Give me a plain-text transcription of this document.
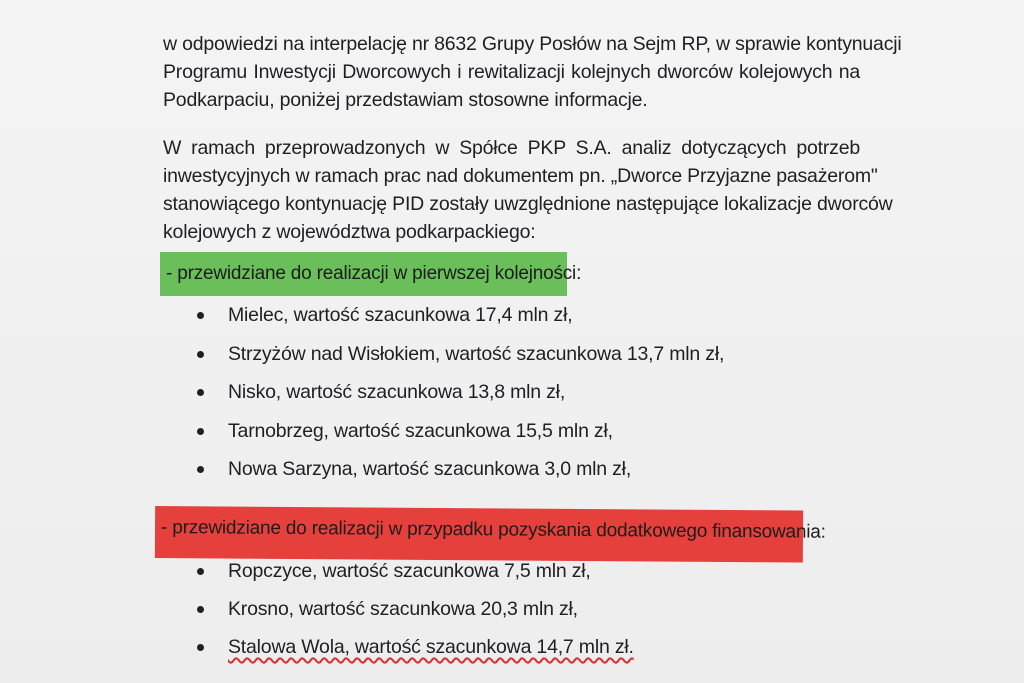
w odpowiedzi na interpelację nr 8632 Grupy Posłów na Sejm RP, w sprawie kontynuacji
Programu Inwestycji Dworcowych i rewitalizacji kolejnych dworców kolejowych na
Podkarpaciu, poniżej przedstawiam stosowne informacje.
W ramach przeprowadzonych w Spółce PKP S.A. analiz dotyczących potrzeb
inwestycyjnych w ramach prac nad dokumentem pn. „Dworce Przyjazne pasażerom"
stanowiącego kontynuację PID zostały uwzględnione następujące lokalizacje dworców
kolejowych z województwa podkarpackiego:
- przewidziane do realizacji w pierwszej kolejności:
Mielec, wartość szacunkowa 17,4 mln zł,
Strzyżów nad Wisłokiem, wartość szacunkowa 13,7 mln zł,
Nisko, wartość szacunkowa 13,8 mln zł,
Tarnobrzeg, wartość szacunkowa 15,5 mln zł,
Nowa Sarzyna, wartość szacunkowa 3,0 mln zł,
- przewidziane do realizacji w przypadku pozyskania dodatkowego finansowania:
Ropczyce, wartość szacunkowa 7,5 mln zł,
Krosno, wartość szacunkowa 20,3 mln zł,
Stalowa Wola, wartość szacunkowa 14,7 mln zł.
